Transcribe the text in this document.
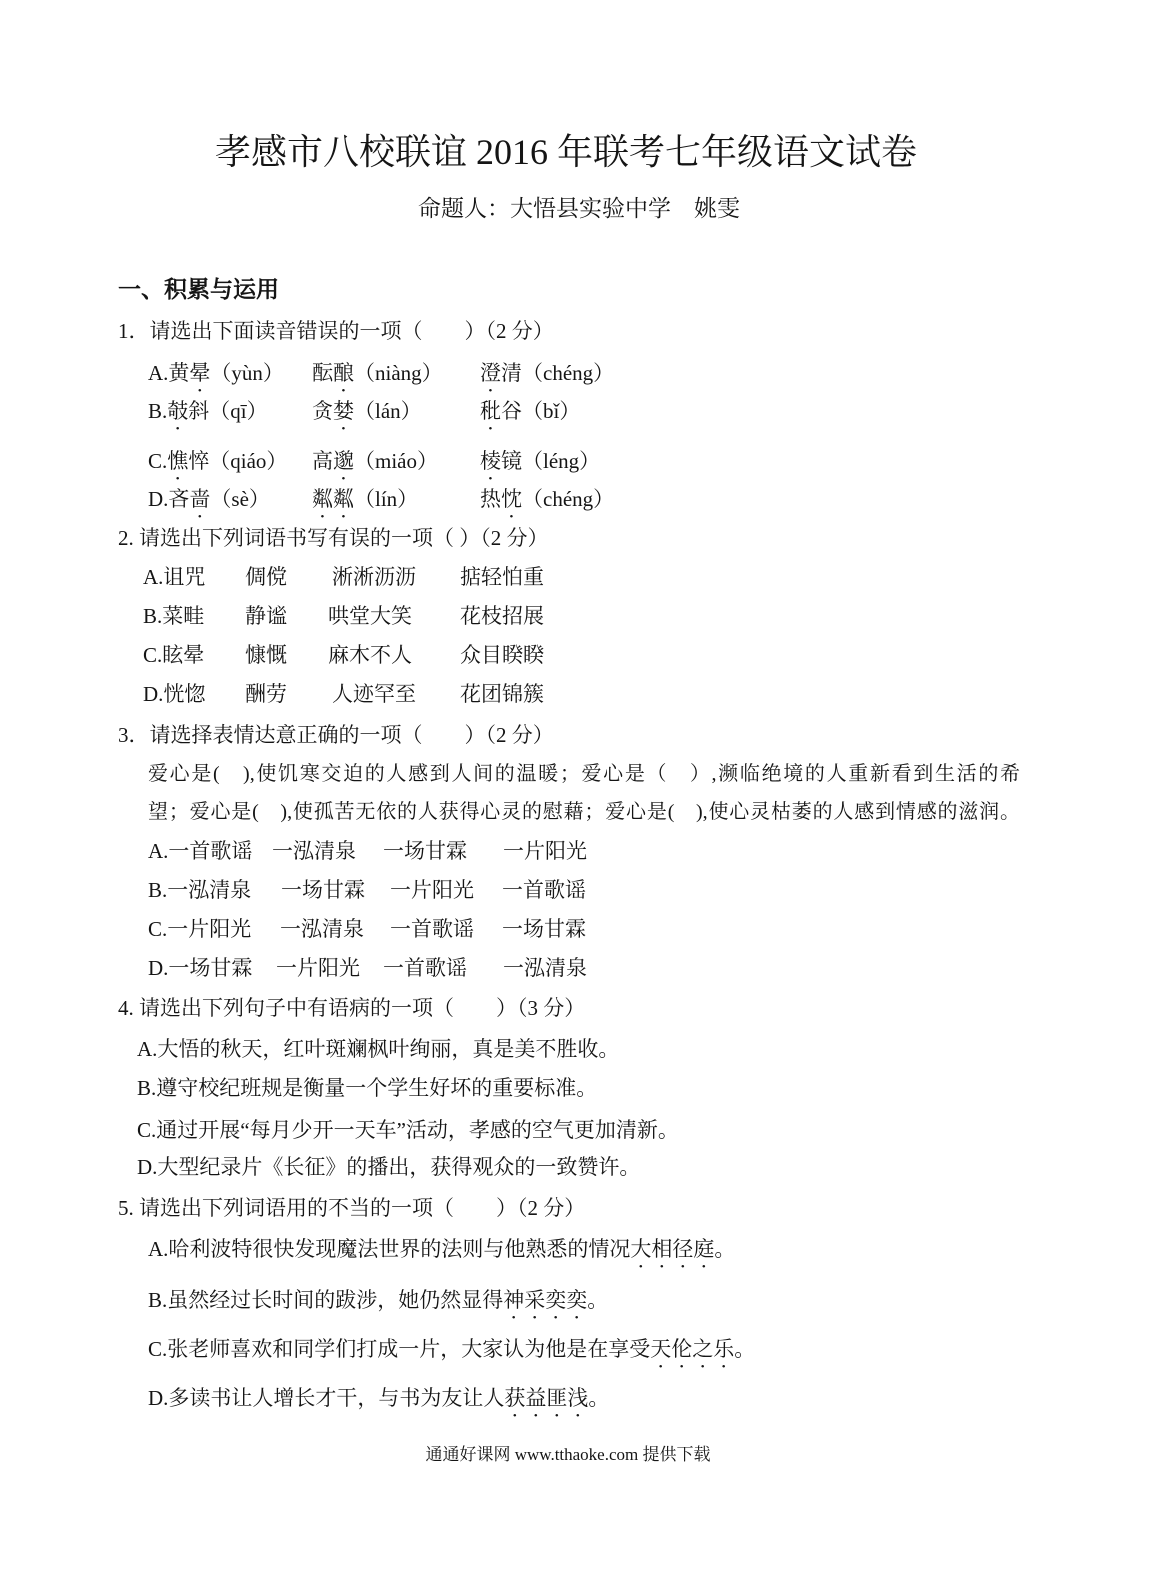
孝感市八校联谊 2016 年联考七年级语文试卷
命题人：大悟县实验中学　姚雯
一、积累与运用
1．请选出下面读音错误的一项（　　）（2 分）
A.黄晕（yùn） 酝酿（niàng） 澄清（chéng）
B.攲斜（qī） 贪婪（lán）	秕谷（bǐ）
C.憔悴（qiáo） 高邈（miáo） 棱镜（léng）
D.吝啬（sè） 粼粼（lín）	热忱（chéng）
2. 请选出下列词语书写有误的一项（ ）（2 分）
A.诅咒 倜傥 淅淅沥沥 掂轻怕重
B.菜畦 静谧 哄堂大笑 花枝招展
C.眩晕 慷慨 麻木不人 众目睽睽
D.恍惚 酬劳 人迹罕至 花团锦簇
3．请选择表情达意正确的一项（　　）（2 分）
爱心是(　),使饥寒交迫的人感到人间的温暖；爱心是（　）,濒临绝境的人重新看到生活的希
望；爱心是(　),使孤苦无依的人获得心灵的慰藉；爱心是(　),使心灵枯萎的人感到情感的滋润。
A.一首歌谣 一泓清泉 一场甘霖 一片阳光
B.一泓清泉 一场甘霖 一片阳光 一首歌谣
C.一片阳光 一泓清泉 一首歌谣 一场甘霖
D.一场甘霖 一片阳光 一首歌谣 一泓清泉
4. 请选出下列句子中有语病的一项（　　）（3 分）
A.大悟的秋天，红叶斑斓枫叶绚丽，真是美不胜收。
B.遵守校纪班规是衡量一个学生好坏的重要标准。
C.通过开展“每月少开一天车”活动，孝感的空气更加清新。
D.大型纪录片《长征》的播出，获得观众的一致赞许。
5. 请选出下列词语用的不当的一项（　　）（2 分）
A.哈利波特很快发现魔法世界的法则与他熟悉的情况大相径庭。
B.虽然经过长时间的跋涉，她仍然显得神采奕奕。
C.张老师喜欢和同学们打成一片，大家认为他是在享受天伦之乐。
D.多读书让人增长才干，与书为友让人获益匪浅。
通通好课网 www.tthaoke.com 提供下载
